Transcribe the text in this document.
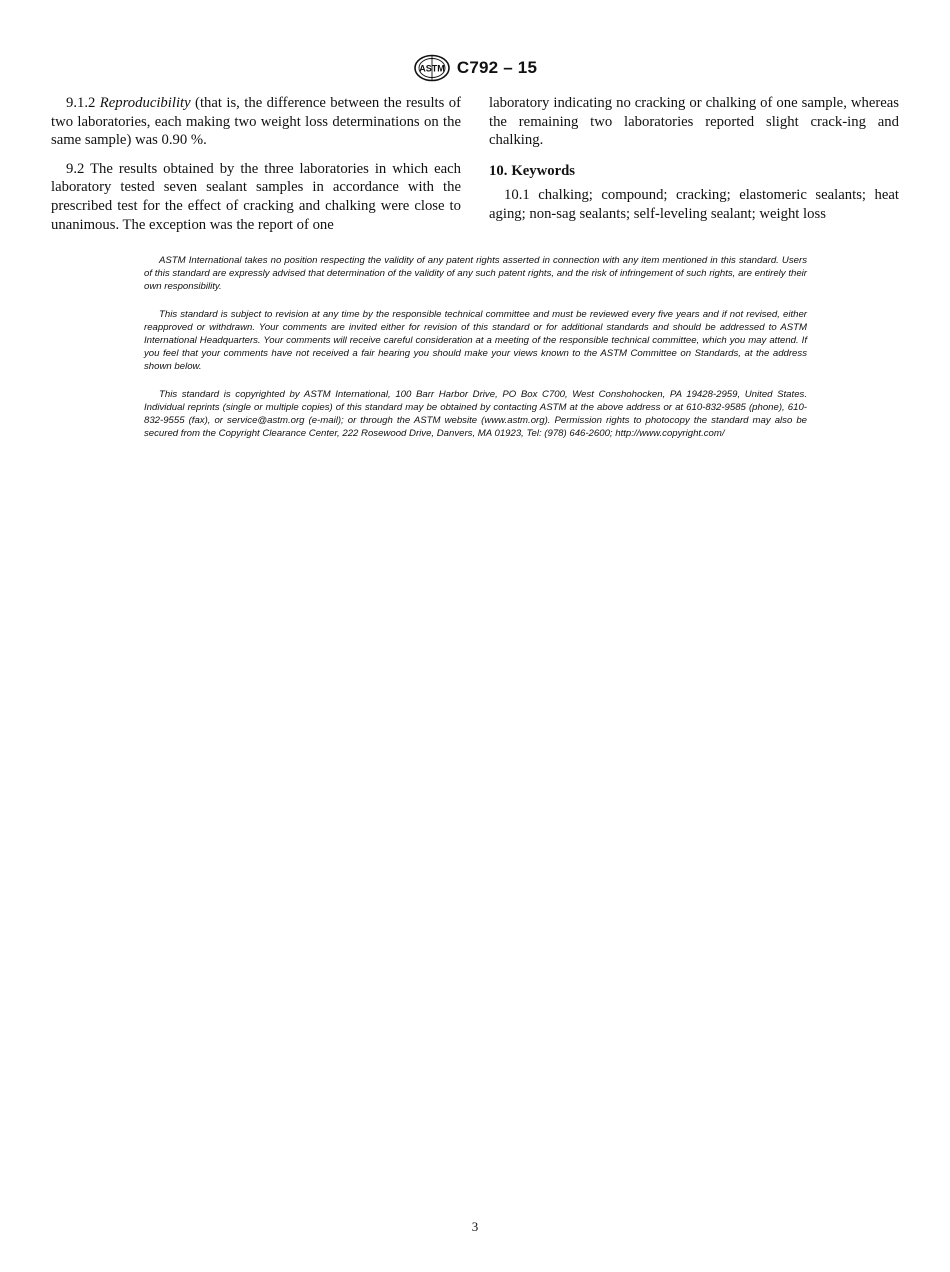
ASTM C792 – 15

9.1.2 Reproducibility (that is, the difference between the results of two laboratories, each making two weight loss determinations on the same sample) was 0.90 %.

9.2 The results obtained by the three laboratories in which each laboratory tested seven sealant samples in accordance with the prescribed test for the effect of cracking and chalking were close to unanimous. The exception was the report of one

laboratory indicating no cracking or chalking of one sample, whereas the remaining two laboratories reported slight crack-ing and chalking.

10. Keywords

10.1 chalking; compound; cracking; elastomeric sealants; heat aging; non-sag sealants; self-leveling sealant; weight loss

ASTM International takes no position respecting the validity of any patent rights asserted in connection with any item mentioned in this standard. Users of this standard are expressly advised that determination of the validity of any such patent rights, and the risk of infringement of such rights, are entirely their own responsibility.

This standard is subject to revision at any time by the responsible technical committee and must be reviewed every five years and if not revised, either reapproved or withdrawn. Your comments are invited either for revision of this standard or for additional standards and should be addressed to ASTM International Headquarters. Your comments will receive careful consideration at a meeting of the responsible technical committee, which you may attend. If you feel that your comments have not received a fair hearing you should make your views known to the ASTM Committee on Standards, at the address shown below.

This standard is copyrighted by ASTM International, 100 Barr Harbor Drive, PO Box C700, West Conshohocken, PA 19428-2959, United States. Individual reprints (single or multiple copies) of this standard may be obtained by contacting ASTM at the above address or at 610-832-9585 (phone), 610-832-9555 (fax), or service@astm.org (e-mail); or through the ASTM website (www.astm.org). Permission rights to photocopy the standard may also be secured from the Copyright Clearance Center, 222 Rosewood Drive, Danvers, MA 01923, Tel: (978) 646-2600; http://www.copyright.com/

3
